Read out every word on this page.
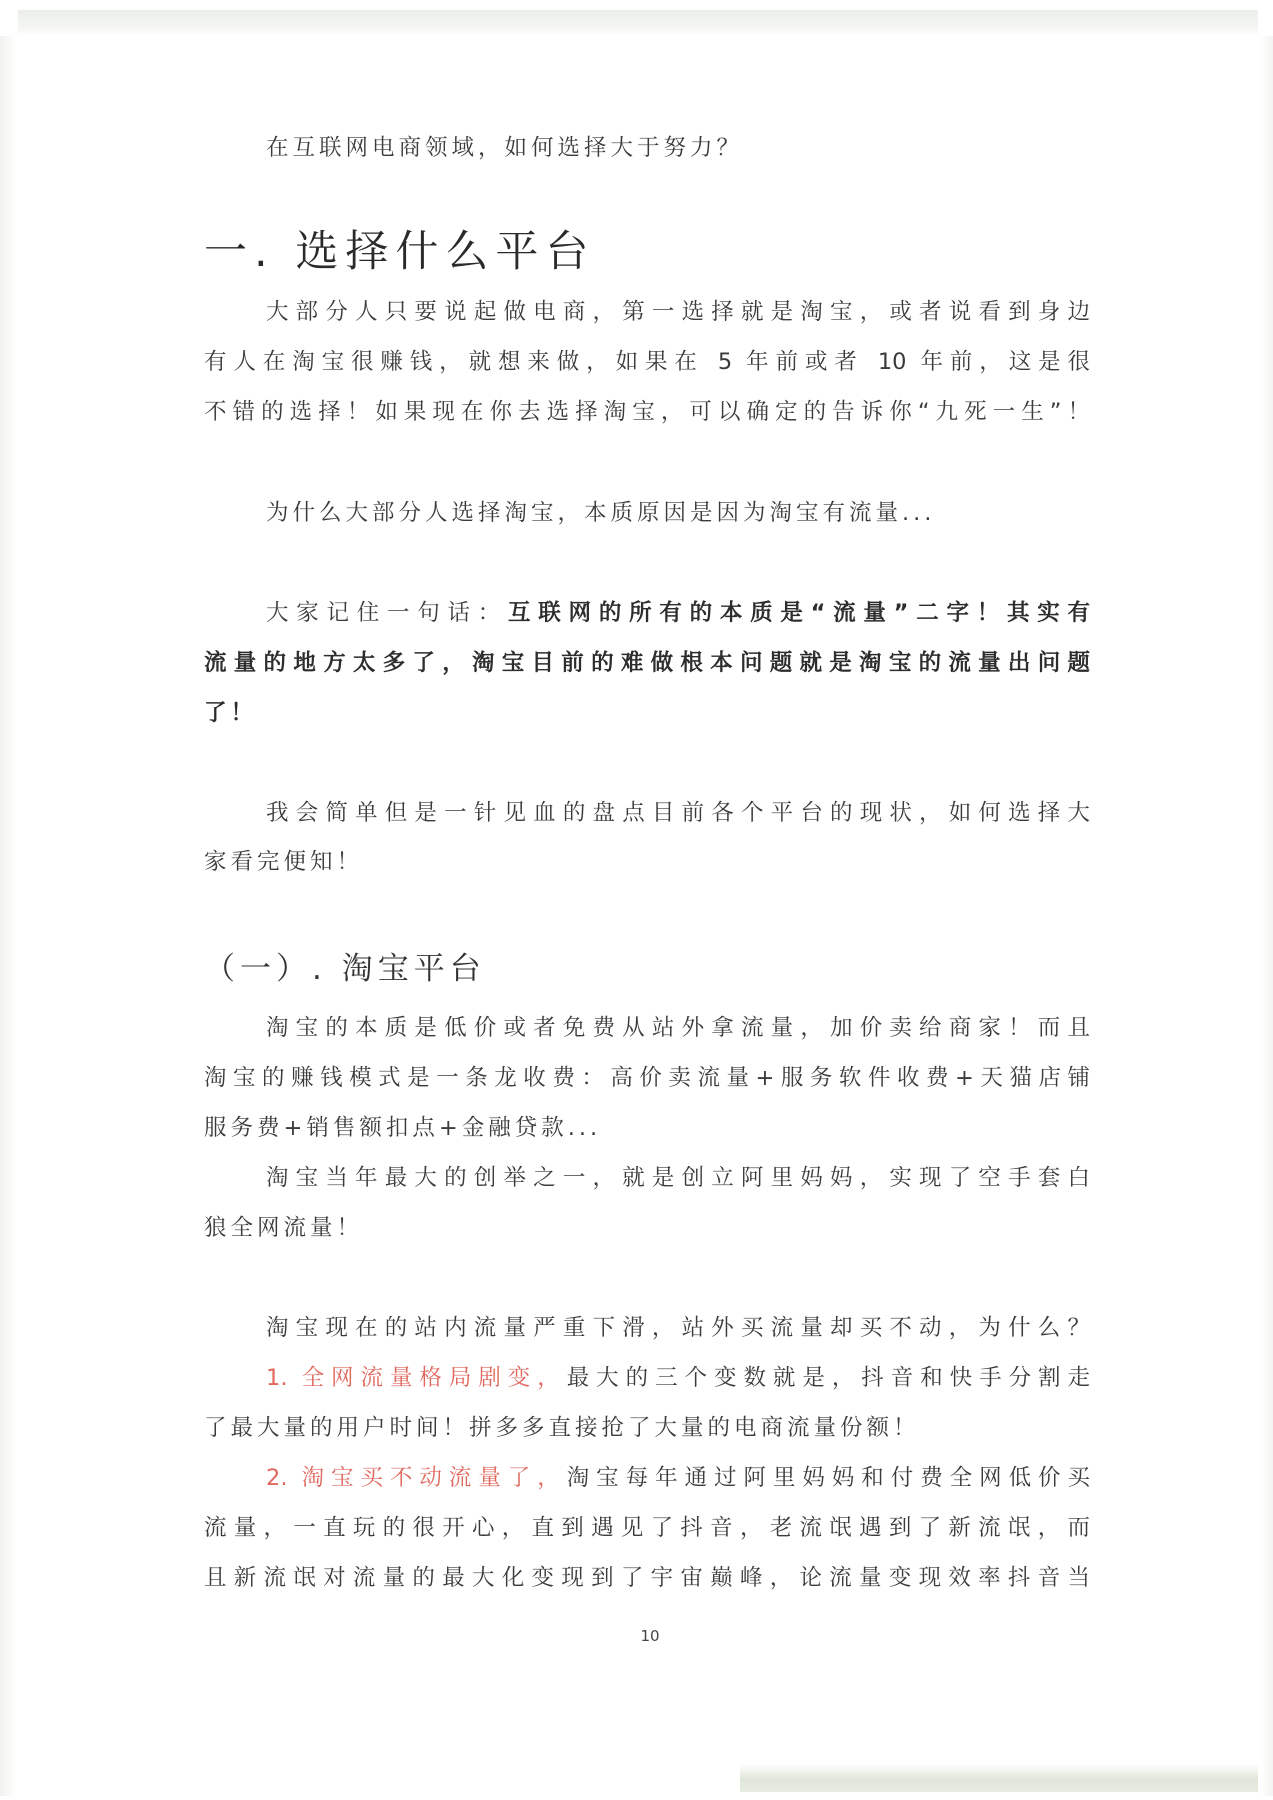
在互联网电商领域，如何选择大于努力？
一. 选择什么平台
大部分人只要说起做电商，第一选择就是淘宝，或者说看到身边
有人在淘宝很赚钱，就想来做，如果在 5 年前或者 10 年前，这是很
不错的选择！如果现在你去选择淘宝，可以确定的告诉你“九死一生”！
为什么大部分人选择淘宝，本质原因是因为淘宝有流量...
大家记住一句话：互联网的所有的本质是“流量”二字！其实有
流量的地方太多了，淘宝目前的难做根本问题就是淘宝的流量出问题
了！
我会简单但是一针见血的盘点目前各个平台的现状，如何选择大
家看完便知！
（一）. 淘宝平台
淘宝的本质是低价或者免费从站外拿流量，加价卖给商家！而且
淘宝的赚钱模式是一条龙收费：高价卖流量+服务软件收费+天猫店铺
服务费+销售额扣点+金融贷款...
淘宝当年最大的创举之一，就是创立阿里妈妈，实现了空手套白
狼全网流量！
淘宝现在的站内流量严重下滑，站外买流量却买不动，为什么？
1. 全网流量格局剧变，最大的三个变数就是，抖音和快手分割走
了最大量的用户时间！拼多多直接抢了大量的电商流量份额！
2. 淘宝买不动流量了，淘宝每年通过阿里妈妈和付费全网低价买
流量，一直玩的很开心，直到遇见了抖音，老流氓遇到了新流氓，而
且新流氓对流量的最大化变现到了宇宙巅峰，论流量变现效率抖音当
10
